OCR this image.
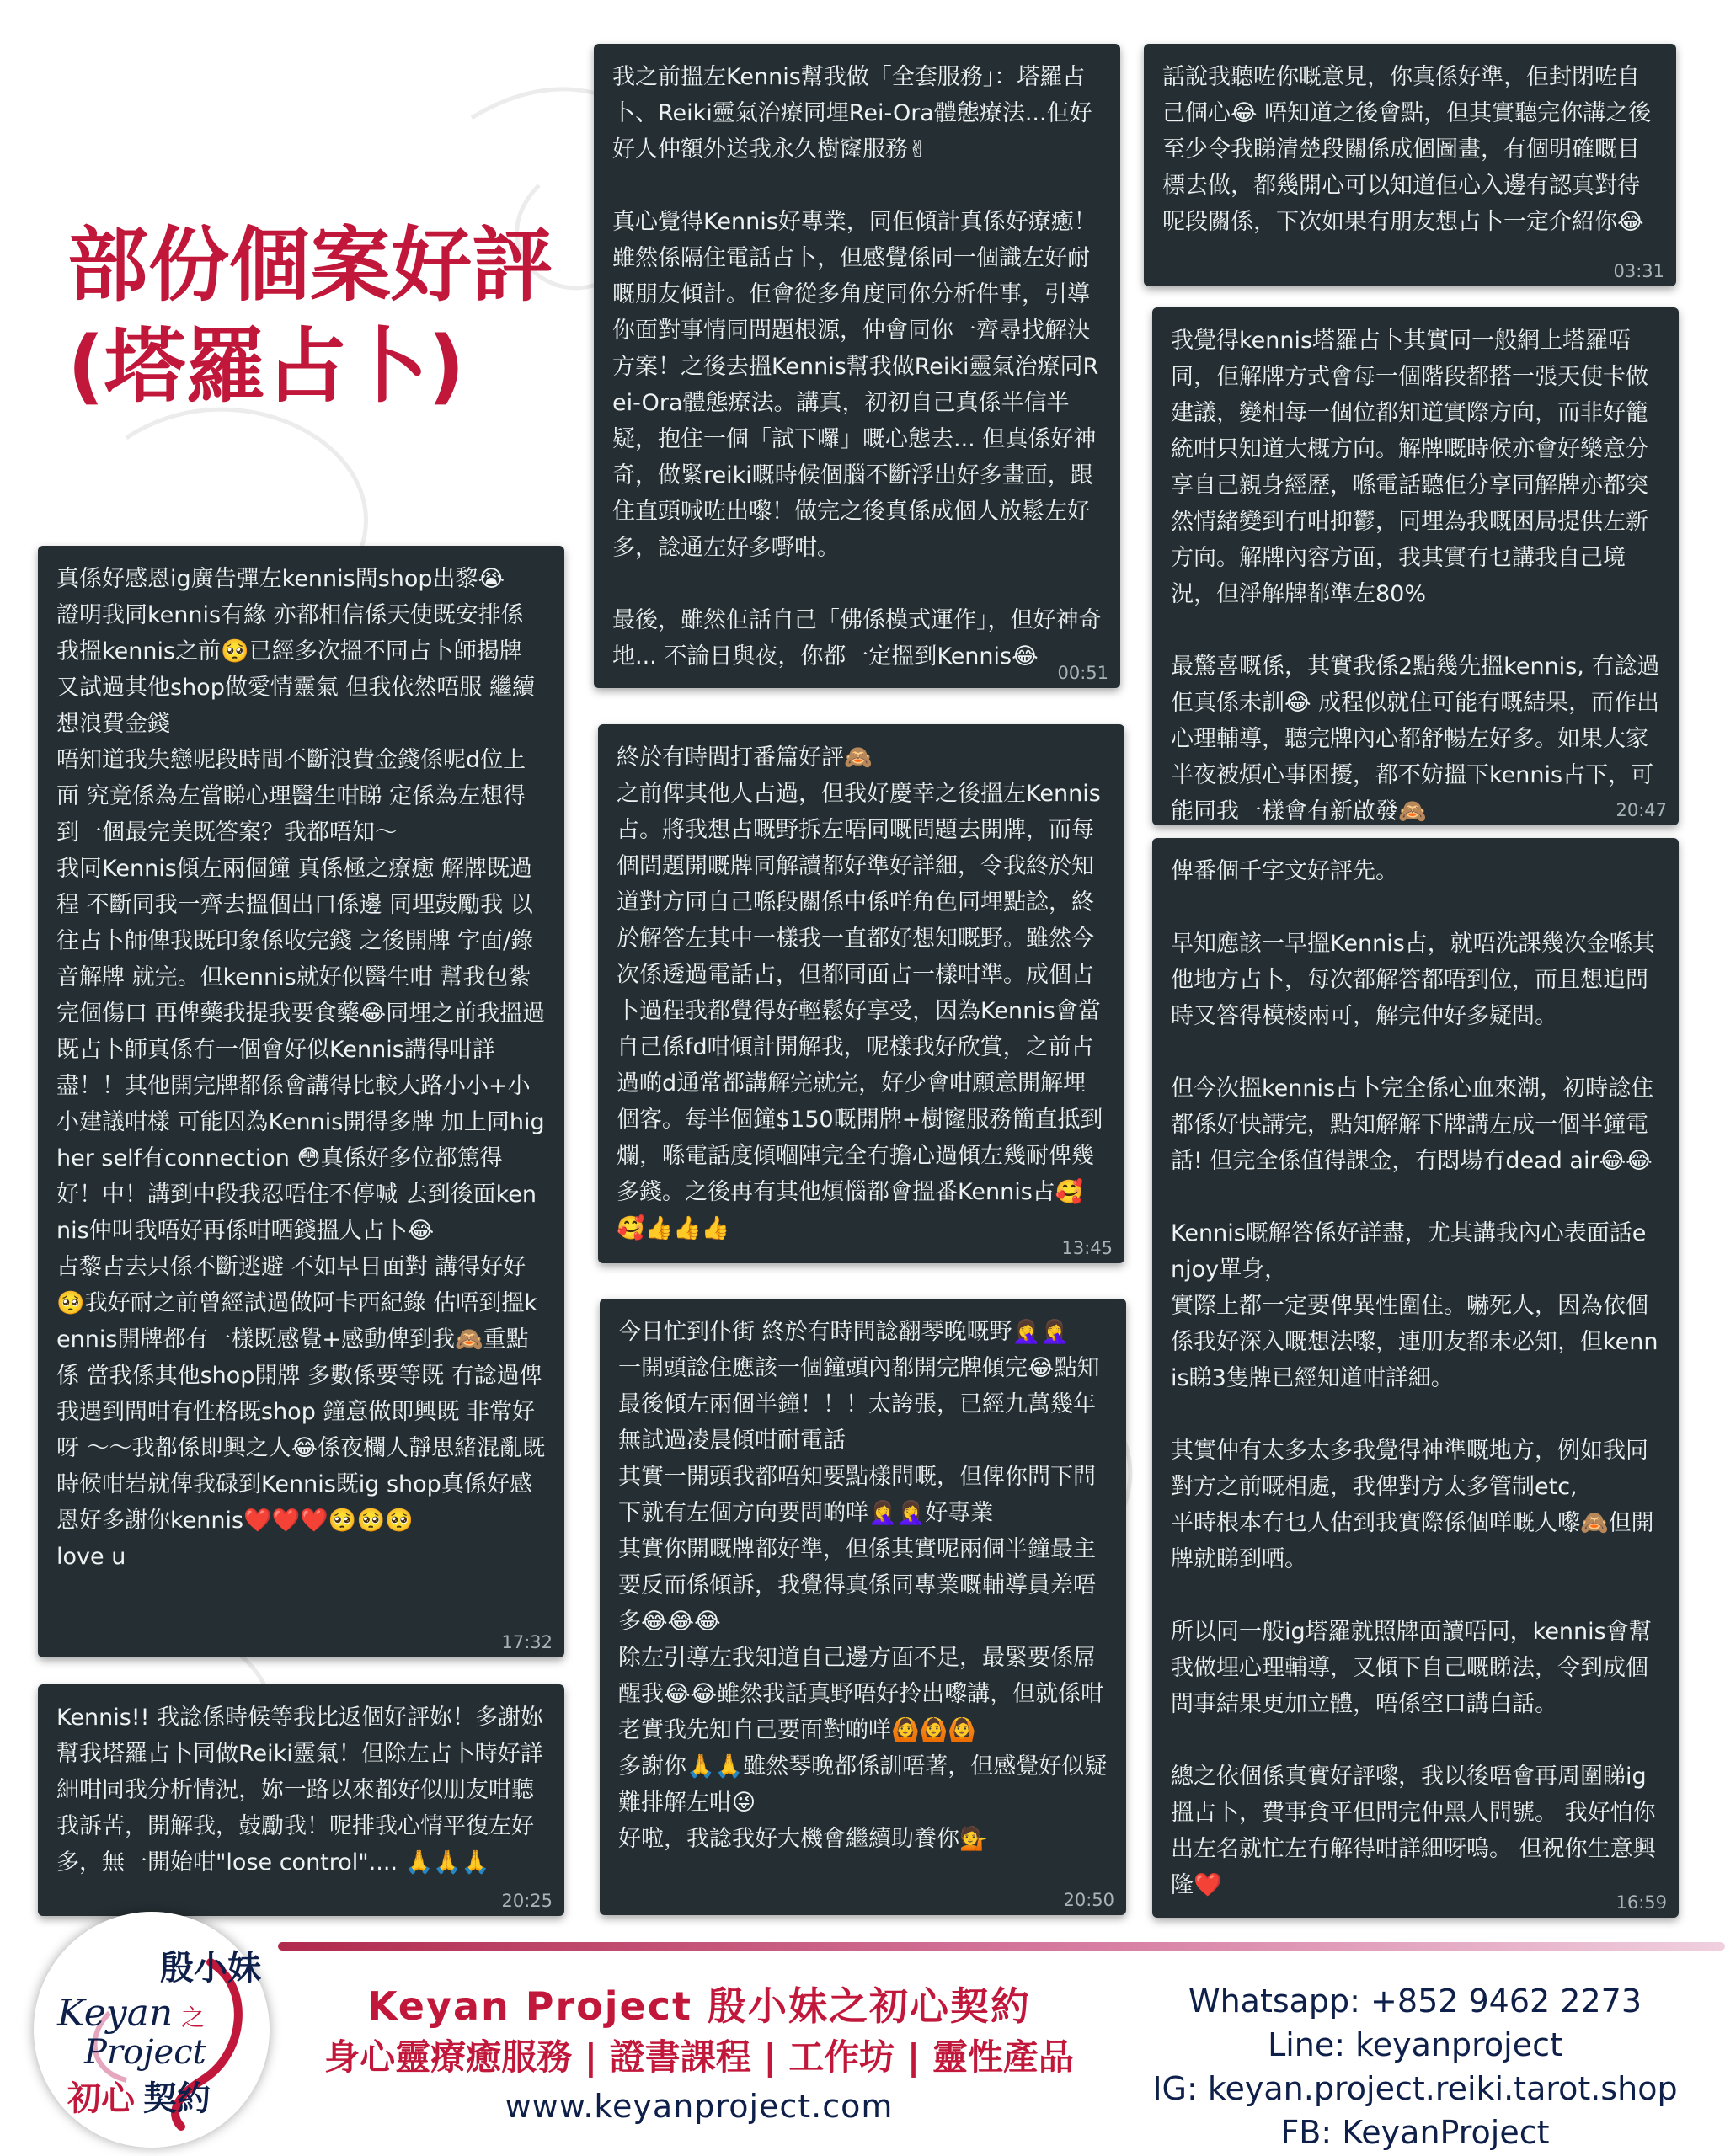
部份個案好評
(塔羅占卜)
我之前搵左Kennis幫我做「全套服務」：塔羅占卜、Reiki靈氣治療同埋Rei-Ora體態療法...佢好好人仲額外送我永久樹窿服務✌

真心覺得Kennis好專業，同佢傾計真係好療癒！雖然係隔住電話占卜，但感覺係同一個識左好耐嘅朋友傾計。佢會從多角度同你分析件事，引導你面對事情同問題根源，仲會同你一齊尋找解決方案！之後去搵Kennis幫我做Reiki靈氣治療同Rei-Ora體態療法。講真，初初自己真係半信半疑，抱住一個「試下囉」嘅心態去... 但真係好神奇，做緊reiki嘅時候個腦不斷浮出好多畫面，跟住直頭喊咗出嚟！做完之後真係成個人放鬆左好多，諗通左好多嘢咁。

最後，雖然佢話自己「佛係模式運作」，但好神奇地... 不論日與夜，你都一定搵到Kennis😂
00:51
話說我聽咗你嘅意見，你真係好準，佢封閉咗自己個心😂 唔知道之後會點，但其實聽完你講之後至少令我睇清楚段關係成個圖畫，有個明確嘅目標去做，都幾開心可以知道佢心入邊有認真對待呢段關係，下次如果有朋友想占卜一定介紹你😂
03:31
我覺得kennis塔羅占卜其實同一般網上塔羅唔同，佢解牌方式會每一個階段都搭一張天使卡做建議，變相每一個位都知道實際方向，而非好籠統咁只知道大概方向。解牌嘅時候亦會好樂意分享自己親身經歷，喺電話聽佢分享同解牌亦都突然情緒變到冇咁抑鬱，同埋為我嘅困局提供左新方向。解牌內容方面，我其實冇乜講我自己境況，但淨解牌都準左80%

最驚喜嘅係，其實我係2點幾先搵kennis, 冇諗過佢真係未訓😂 成程似就住可能有嘅結果，而作出心理輔導，聽完牌內心都舒暢左好多。如果大家半夜被煩心事困擾，都不妨搵下kennis占下，可能同我一樣會有新啟發🙈	20:47
真係好感恩ig廣告彈左kennis間shop出黎😭
證明我同kennis有緣 亦都相信係天使既安排係我搵kennis之前🥺已經多次搵不同占卜師揭牌
又試過其他shop做愛情靈氣 但我依然唔服 繼續想浪費金錢
唔知道我失戀呢段時間不斷浪費金錢係呢d位上面 究竟係為左當睇心理醫生咁睇 定係為左想得到一個最完美既答案？我都唔知～
我同Kennis傾左兩個鐘 真係極之療癒 解牌既過程 不斷同我一齊去搵個出口係邊 同埋鼓勵我 以往占卜師俾我既印象係收完錢 之後開牌 字面/錄音解牌 就完。但kennis就好似醫生咁 幫我包紮完個傷口 再俾藥我提我要食藥😂同埋之前我搵過既占卜師真係冇一個會好似Kennis講得咁詳盡！！其他開完牌都係會講得比較大路小小+小小建議咁樣 可能因為Kennis開得多牌 加上同higher self有connection 😳真係好多位都篤得好！中！講到中段我忍唔住不停喊 去到後面kennis仲叫我唔好再係咁哂錢搵人占卜😂
占黎占去只係不斷逃避 不如早日面對 講得好好🥺我好耐之前曾經試過做阿卡西紀錄 估唔到搵kennis開牌都有一樣既感覺+感動俾到我🙈重點係 當我係其他shop開牌 多數係要等既 冇諗過俾我遇到間咁有性格既shop 鐘意做即興既 非常好呀 ～～我都係即興之人😂係夜欄人靜思緒混亂既時候咁岩就俾我碌到Kennis既ig shop真係好感恩好多謝你kennis❤️❤️❤️🥺🥺🥺
love u
17:32
終於有時間打番篇好評🙈
之前俾其他人占過，但我好慶幸之後搵左Kennis占。將我想占嘅野拆左唔同嘅問題去開牌，而每個問題開嘅牌同解讀都好準好詳細，令我終於知道對方同自己喺段關係中係咩角色同埋點諗，終於解答左其中一樣我一直都好想知嘅野。雖然今次係透過電話占，但都同面占一樣咁準。成個占卜過程我都覺得好輕鬆好享受，因為Kennis會當自己係fd咁傾計開解我，呢樣我好欣賞，之前占過啲d通常都講解完就完，好少會咁願意開解埋個客。每半個鐘$150嘅開牌+樹窿服務簡直抵到爛，喺電話度傾嗰陣完全冇擔心過傾左幾耐俾幾多錢。之後再有其他煩惱都會搵番Kennis占🥰🥰👍👍👍
13:45
俾番個千字文好評先。

早知應該一早搵Kennis占，就唔洗課幾次金喺其他地方占卜，每次都解答都唔到位，而且想追問時又答得模棱兩可，解完仲好多疑問。

但今次搵kennis占卜完全係心血來潮，初時諗住都係好快講完，點知解解下牌講左成一個半鐘電話! 但完全係值得課金，冇悶場冇dead air😂😂

Kennis嘅解答係好詳盡，尤其講我內心表面話enjoy單身，
實際上都一定要俾異性圍住。嚇死人，因為依個係我好深入嘅想法嚟，連朋友都未必知，但kennis睇3隻牌已經知道咁詳細。

其實仲有太多太多我覺得神準嘅地方，例如我同對方之前嘅相處，我俾對方太多管制etc,
平時根本冇乜人估到我實際係個咩嘅人嚟🙈但開牌就睇到晒。

所以同一般ig塔羅就照牌面讀唔同，kennis會幫我做埋心理輔導，又傾下自己嘅睇法，令到成個問事結果更加立體，唔係空口講白話。

總之依個係真實好評嚟，我以後唔會再周圍睇ig搵占卜，費事貪平但問完仲黑人問號。 我好怕你出左名就忙左冇解得咁詳細呀嗚。 但祝你生意興隆❤️
16:59
今日忙到仆街 終於有時間諗翻琴晚嘅野🤦‍♀️🤦‍♀️
一開頭諗住應該一個鐘頭內都開完牌傾完😂點知最後傾左兩個半鐘！！！太誇張，已經九萬幾年無試過凌晨傾咁耐電話
其實一開頭我都唔知要點樣問嘅，但俾你問下問下就有左個方向要問啲咩🤦‍♀️🤦‍♀️好專業
其實你開嘅牌都好準，但係其實呢兩個半鐘最主要反而係傾訴，我覺得真係同專業嘅輔導員差唔多😂😂😂
除左引導左我知道自己邊方面不足，最緊要係屌醒我😂😂雖然我話真野唔好拎出嚟講，但就係咁老實我先知自己要面對啲咩🙆🙆🙆
多謝你🙏🙏雖然琴晚都係訓唔著，但感覺好似疑難排解左咁😜
好啦，我諗我好大機會繼續助養你💁
20:50
Kennis!! 我諗係時候等我比返個好評妳！多謝妳幫我塔羅占卜同做Reiki靈氣！但除左占卜時好詳細咁同我分析情況，妳一路以來都好似朋友咁聽我訴苦，開解我，鼓勵我！呢排我心情平復左好多，無一開始咁"lose control".... 🙏🙏🙏
20:25
殷小妹
之
Keyan
Project
初心 契約
Keyan Project 殷小妹之初心契約
身心靈療癒服務 | 證書課程 | 工作坊 | 靈性產品
www.keyanproject.com
Whatsapp: +852 9462 2273
Line: keyanproject
IG: keyan.project.reiki.tarot.shop
FB: KeyanProject
